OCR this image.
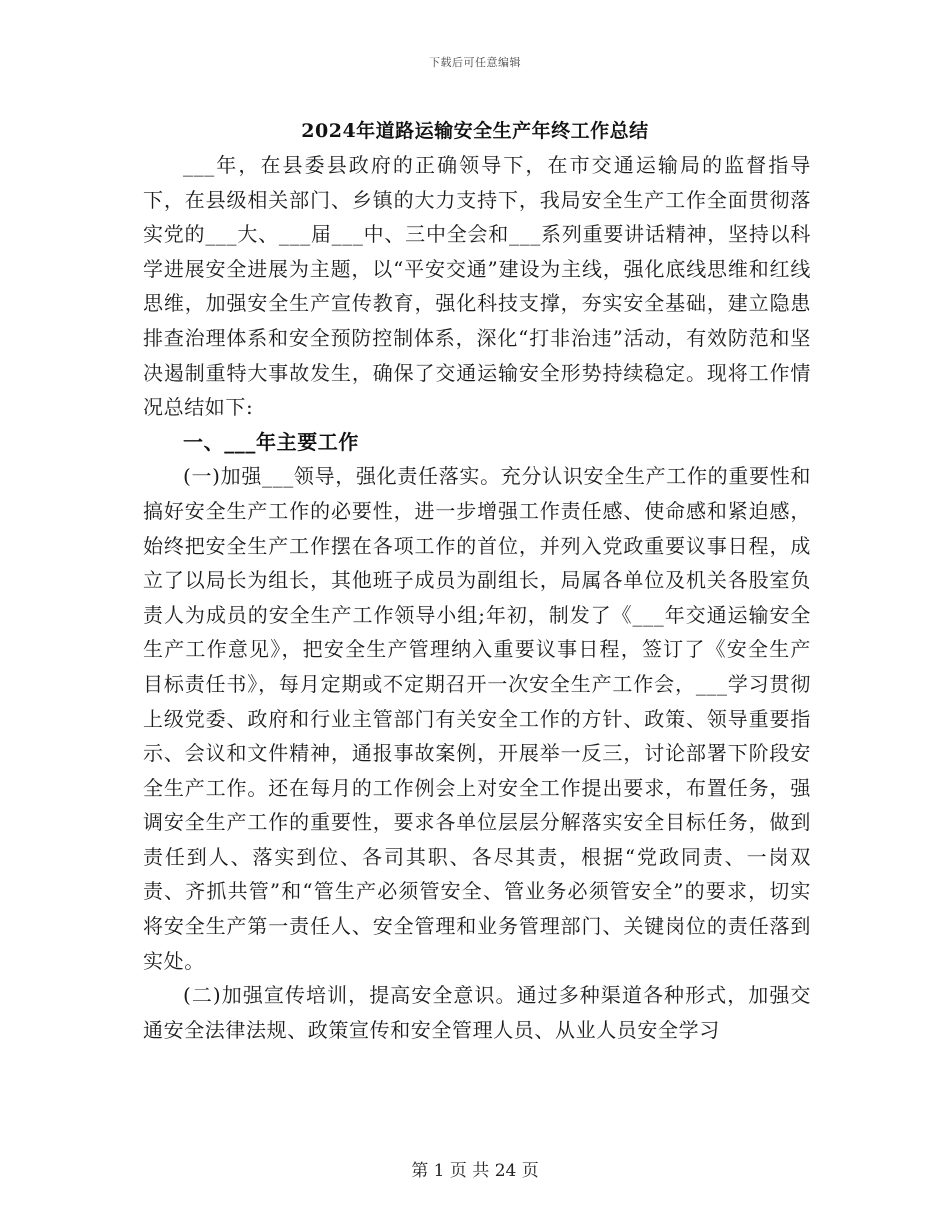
下载后可任意编辑
2024年道路运输安全生产年终工作总结

___年，在县委县政府的正确领导下，在市交通运输局的监督指导下，在县级相关部门、乡镇的大力支持下，我局安全生产工作全面贯彻落实党的___大、___届___中、三中全会和___系列重要讲话精神，坚持以科学进展安全进展为主题，以“平安交通”建设为主线，强化底线思维和红线思维，加强安全生产宣传教育，强化科技支撑，夯实安全基础，建立隐患排查治理体系和安全预防控制体系，深化“打非治违”活动，有效防范和坚决遏制重特大事故发生，确保了交通运输安全形势持续稳定。现将工作情况总结如下:

一、___年主要工作

(一)加强___领导，强化责任落实。充分认识安全生产工作的重要性和搞好安全生产工作的必要性，进一步增强工作责任感、使命感和紧迫感，始终把安全生产工作摆在各项工作的首位，并列入党政重要议事日程，成立了以局长为组长，其他班子成员为副组长，局属各单位及机关各股室负责人为成员的安全生产工作领导小组;年初，制发了《___年交通运输安全生产工作意见》，把安全生产管理纳入重要议事日程，签订了《安全生产目标责任书》，每月定期或不定期召开一次安全生产工作会，___学习贯彻上级党委、政府和行业主管部门有关安全工作的方针、政策、领导重要指示、会议和文件精神，通报事故案例，开展举一反三，讨论部署下阶段安全生产工作。还在每月的工作例会上对安全工作提出要求，布置任务，强调安全生产工作的重要性，要求各单位层层分解落实安全目标任务，做到责任到人、落实到位、各司其职、各尽其责，根据“党政同责、一岗双责、齐抓共管”和“管生产必须管安全、管业务必须管安全”的要求，切实将安全生产第一责任人、安全管理和业务管理部门、关键岗位的责任落到实处。

(二)加强宣传培训，提高安全意识。通过多种渠道各种形式，加强交通安全法律法规、政策宣传和安全管理人员、从业人员安全学习

第 1 页 共 24 页
